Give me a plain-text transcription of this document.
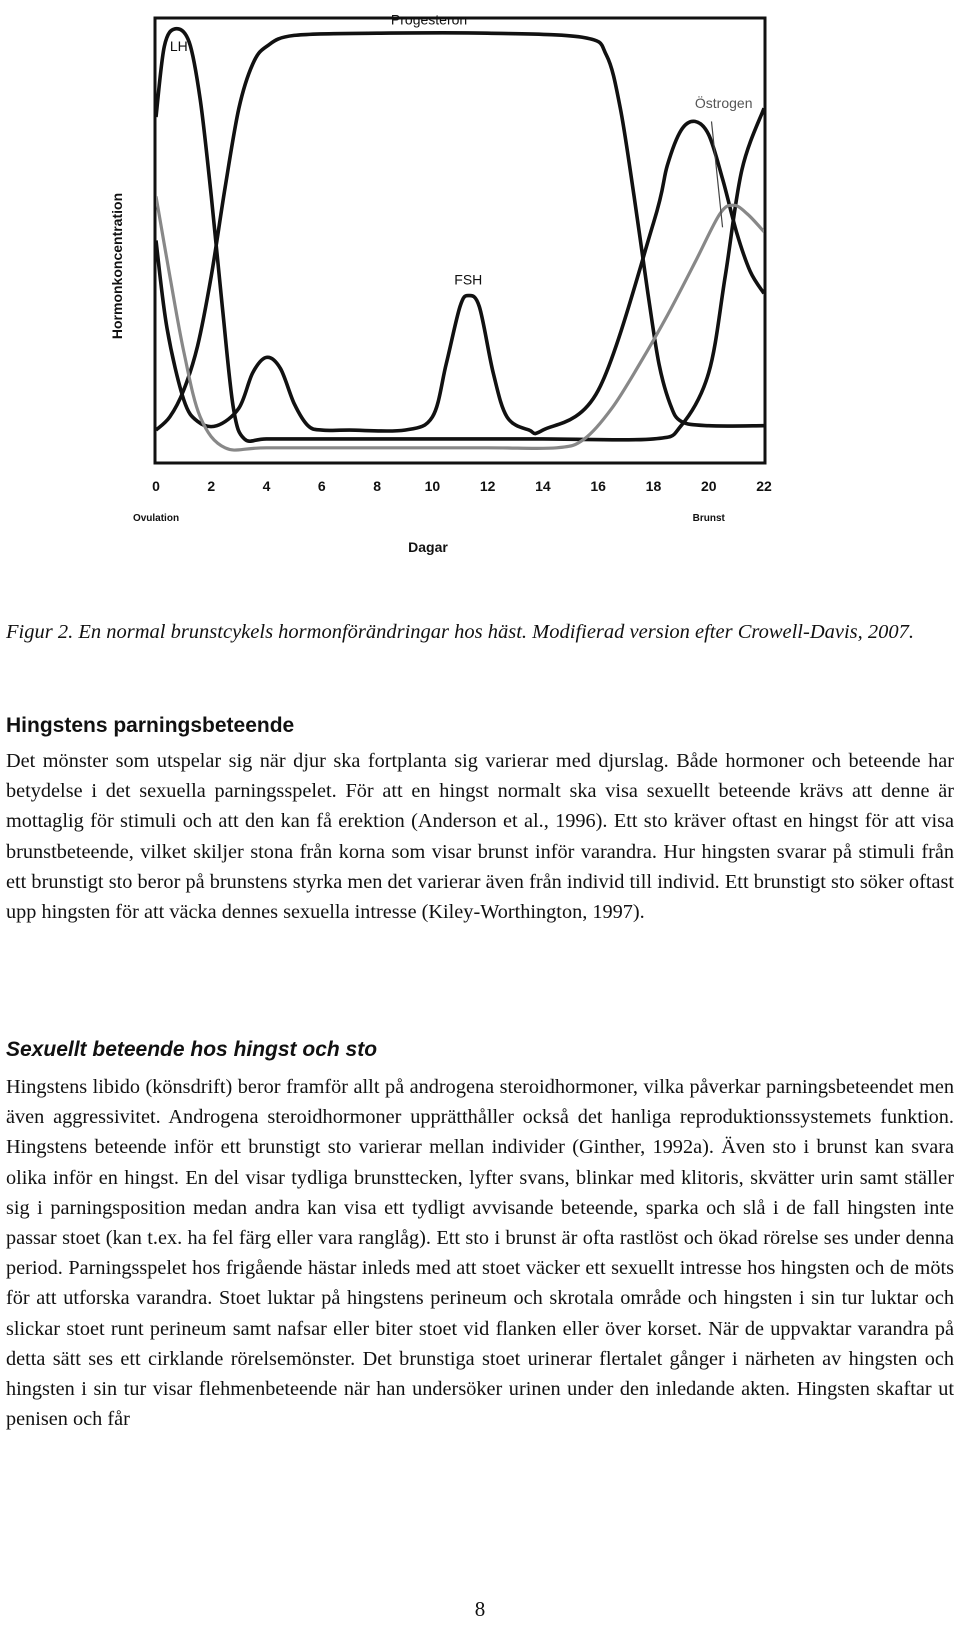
LH
Progesteron
FSH
Östrogen
0	2	4	6	8	10	12	14	16	18	20	22
Ovulation	Brunst
Hormonkoncentration
Dagar
Figur 2. En normal brunstcykels hormonförändringar hos häst. Modifierad version efter Crowell-Davis, 2007.
Hingstens parningsbeteende

Det mönster som utspelar sig när djur ska fortplanta sig varierar med djurslag. Både hormoner och beteende har betydelse i det sexuella parningsspelet. För att en hingst normalt ska visa sexuellt beteende krävs att denne är mottaglig för stimuli och att den kan få erektion (Anderson et al., 1996). Ett sto kräver oftast en hingst för att visa brunstbeteende, vilket skiljer stona från korna som visar brunst inför varandra. Hur hingsten svarar på stimuli från ett brunstigt sto beror på brunstens styrka men det varierar även från individ till individ. Ett brunstigt sto söker oftast upp hingsten för att väcka dennes sexuella intresse (Kiley-Worthington, 1997).

Sexuellt beteende hos hingst och sto

Hingstens libido (könsdrift) beror framför allt på androgena steroidhormoner, vilka påverkar parningsbeteendet men även aggressivitet. Androgena steroidhormoner upprätthåller också det hanliga reproduktionssystemets funktion. Hingstens beteende inför ett brunstigt sto varierar mellan individer (Ginther, 1992a). Även sto i brunst kan svara olika inför en hingst. En del visar tydliga brunsttecken, lyfter svans, blinkar med klitoris, skvätter urin samt ställer sig i parningsposition medan andra kan visa ett tydligt avvisande beteende, sparka och slå i de fall hingsten inte passar stoet (kan t.ex. ha fel färg eller vara ranglåg). Ett sto i brunst är ofta rastlöst och ökad rörelse ses under denna period. Parningsspelet hos frigående hästar inleds med att stoet väcker ett sexuellt intresse hos hingsten och de möts för att utforska varandra. Stoet luktar på hingstens perineum och skrotala område och hingsten i sin tur luktar och slickar stoet runt perineum samt nafsar eller biter stoet vid flanken eller över korset. När de uppvaktar varandra på detta sätt ses ett cirklande rörelsemönster. Det brunstiga stoet urinerar flertalet gånger i närheten av hingsten och hingsten i sin tur visar flehmenbeteende när han undersöker urinen under den inledande akten. Hingsten skaftar ut penisen och får

8
